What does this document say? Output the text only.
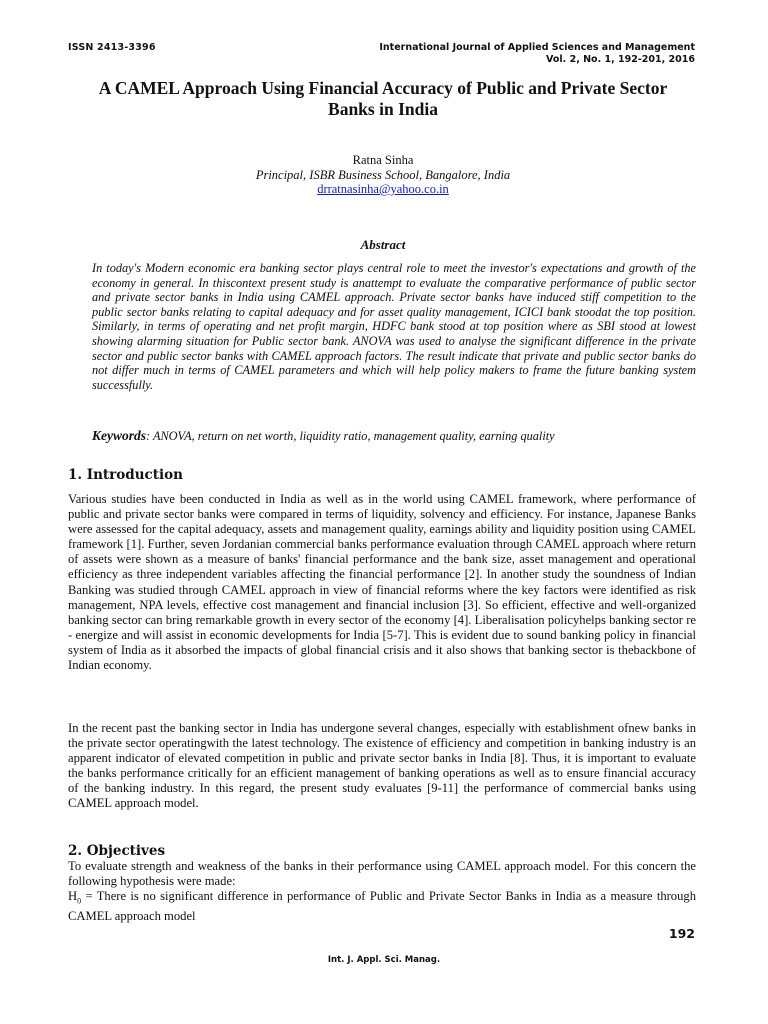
ISSN 2413-3396	International Journal of Applied Sciences and Management
Vol. 2, No. 1, 192-201, 2016
A CAMEL Approach Using Financial Accuracy of Public and Private Sector
Banks in India
Ratna Sinha
Principal, ISBR Business School, Bangalore, India
drratnasinha@yahoo.co.in
Abstract
In today's Modern economic era banking sector plays central role to meet the investor's expectations and growth of the economy in general. In thiscontext present study is anattempt to evaluate the comparative performance of public sector and private sector banks in India using CAMEL approach. Private sector banks have induced stiff competition to the public sector banks relating to capital adequacy and for asset quality management, ICICI bank stoodat the top position. Similarly, in terms of operating and net profit margin, HDFC bank stood at top position where as SBI stood at lowest showing alarming situation for Public sector bank. ANOVA was used to analyse the significant difference in the private sector and public sector banks with CAMEL approach factors. The result indicate that private and public sector banks do not differ much in terms of CAMEL parameters and which will help policy makers to frame the future banking system successfully.
Keywords: ANOVA, return on net worth, liquidity ratio, management quality, earning quality
1. Introduction
Various studies have been conducted in India as well as in the world using CAMEL framework, where performance of public and private sector banks were compared in terms of liquidity, solvency and efficiency. For instance, Japanese Banks were assessed for the capital adequacy, assets and management quality, earnings ability and liquidity position using CAMEL framework [1]. Further, seven Jordanian commercial banks performance evaluation through CAMEL approach where return of assets were shown as a measure of banks' financial performance and the bank size, asset management and operational efficiency as three independent variables affecting the financial performance [2]. In another study the soundness of Indian Banking was studied through CAMEL approach in view of financial reforms where the key factors were identified as risk management, NPA levels, effective cost management and financial inclusion [3]. So efficient, effective and well-organized banking sector can bring remarkable growth in every sector of the economy [4]. Liberalisation policyhelps banking sector re - energize and will assist in economic developments for India [5-7]. This is evident due to sound banking policy in financial system of India as it absorbed the impacts of global financial crisis and it also shows that banking sector is thebackbone of Indian economy.
In the recent past the banking sector in India has undergone several changes, especially with establishment ofnew banks in the private sector operatingwith the latest technology. The existence of efficiency and competition in banking industry is an apparent indicator of elevated competition in public and private sector banks in India [8]. Thus, it is important to evaluate the banks performance critically for an efficient management of banking operations as well as to ensure financial accuracy of the banking industry. In this regard, the present study evaluates [9-11] the performance of commercial banks using CAMEL approach model.
2. Objectives
To evaluate strength and weakness of the banks in their performance using CAMEL approach model. For this concern the following hypothesis were made:
$H_0$ = There is no significant difference in performance of Public and Private Sector Banks in India as a measure through CAMEL approach model
192
Int. J. Appl. Sci. Manag.
